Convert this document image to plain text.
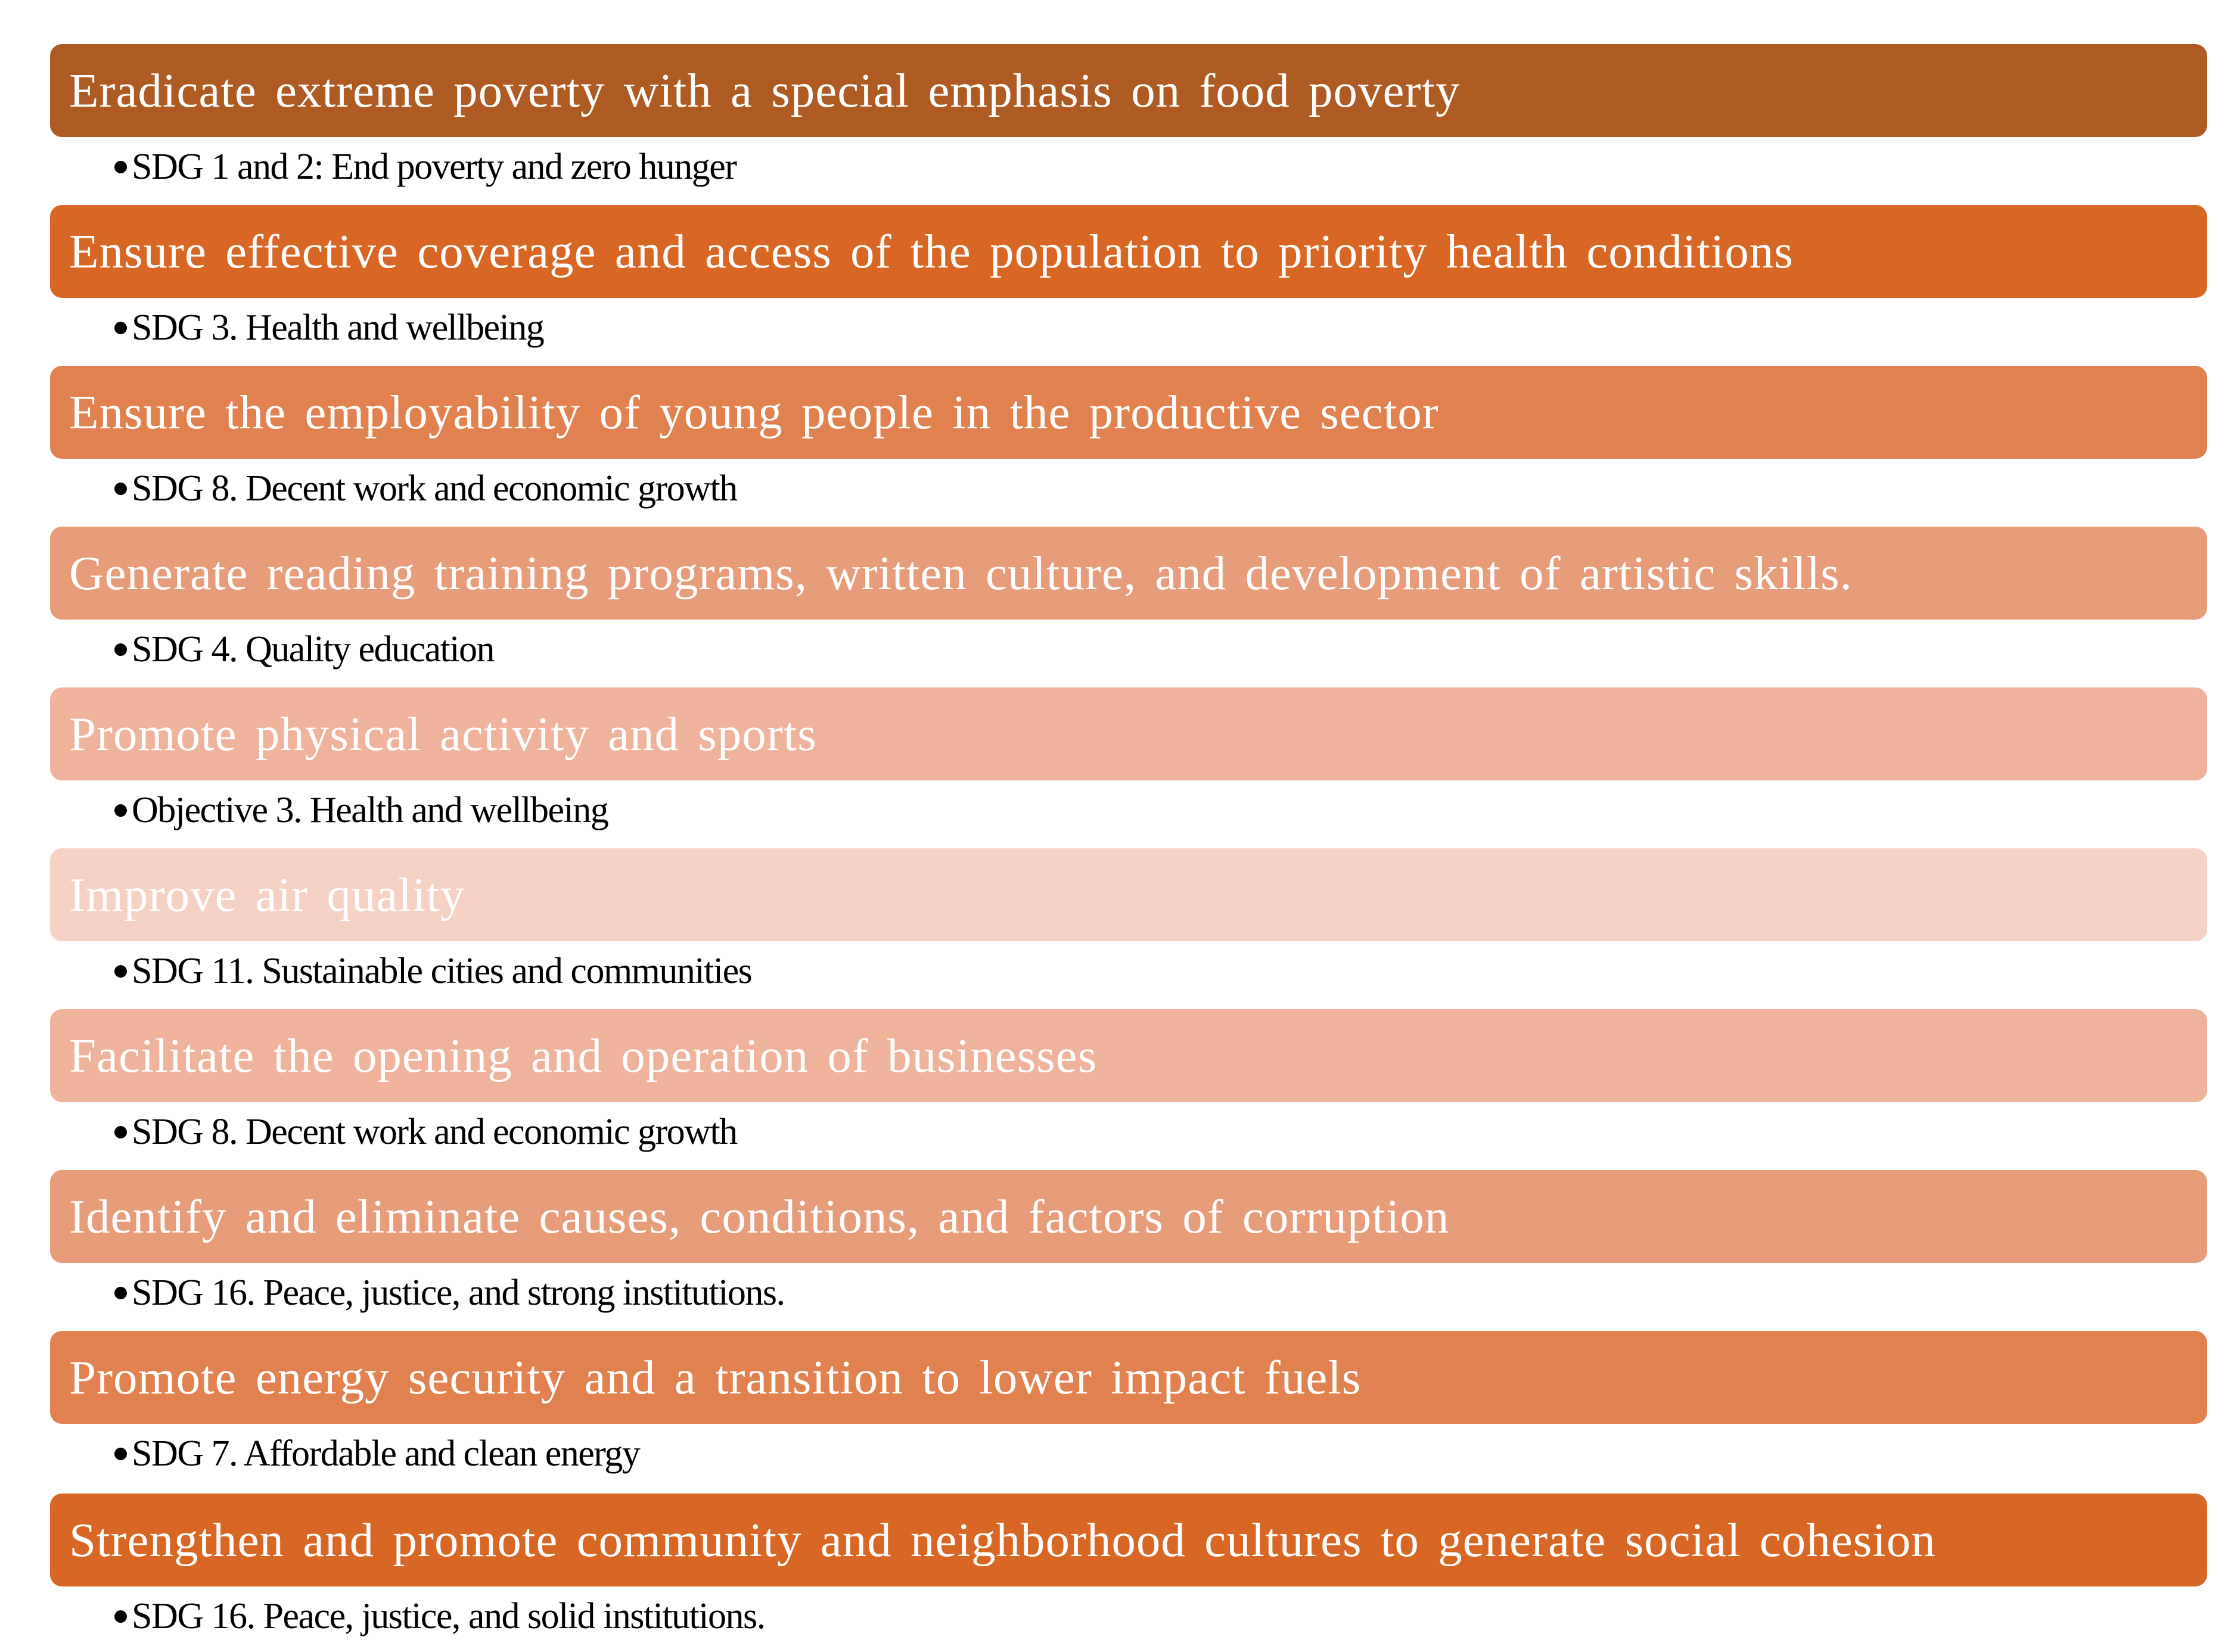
Eradicate extreme poverty with a special emphasis on food poverty
SDG 1 and 2: End poverty and zero hunger
Ensure effective coverage and access of the population to priority health conditions
SDG 3. Health and wellbeing
Ensure the employability of young people in the productive sector
SDG 8. Decent work and economic growth
Generate reading training programs, written culture, and development of artistic skills.
SDG 4. Quality education
Promote physical activity and sports
Objective 3. Health and wellbeing
Improve air quality
SDG 11. Sustainable cities and communities
Facilitate the opening and operation of businesses
SDG 8. Decent work and economic growth
Identify and eliminate causes, conditions, and factors of corruption
SDG 16. Peace, justice, and strong institutions.
Promote energy security and a transition to lower impact fuels
SDG 7. Affordable and clean energy
Strengthen and promote community and neighborhood cultures to generate social cohesion
SDG 16. Peace, justice, and solid institutions.
